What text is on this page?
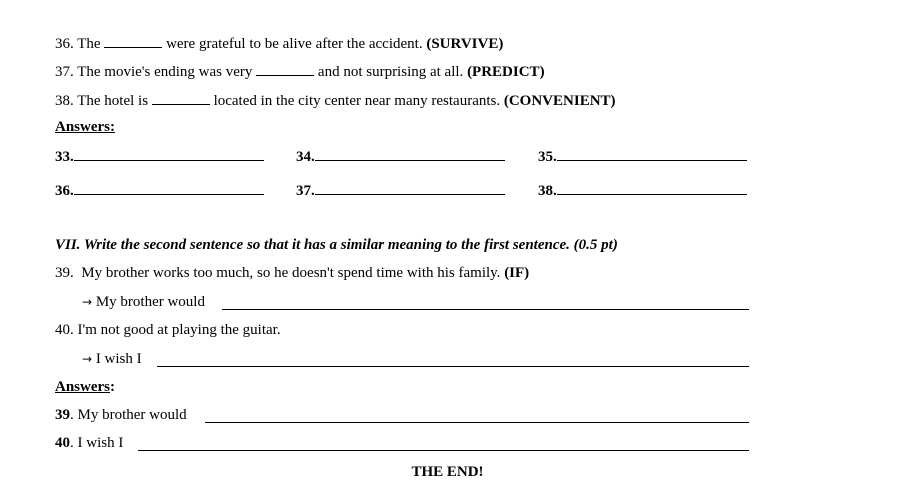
36. The	were grateful to be alive after the accident. (SURVIVE)
37. The movie's ending was very	and not surprising at all. (PREDICT)
38. The hotel is	located in the city center near many restaurants. (CONVENIENT)
Answers:
33.	34.	35.
36.	37.	38.
VII. Write the second sentence so that it has a similar meaning to the first sentence. (0.5 pt)
39. My brother works too much, so he doesn't spend time with his family. (IF)
→ My brother would
40. I'm not good at playing the guitar.
→ I wish I
Answers:
39. My brother would
40. I wish I
THE END!
